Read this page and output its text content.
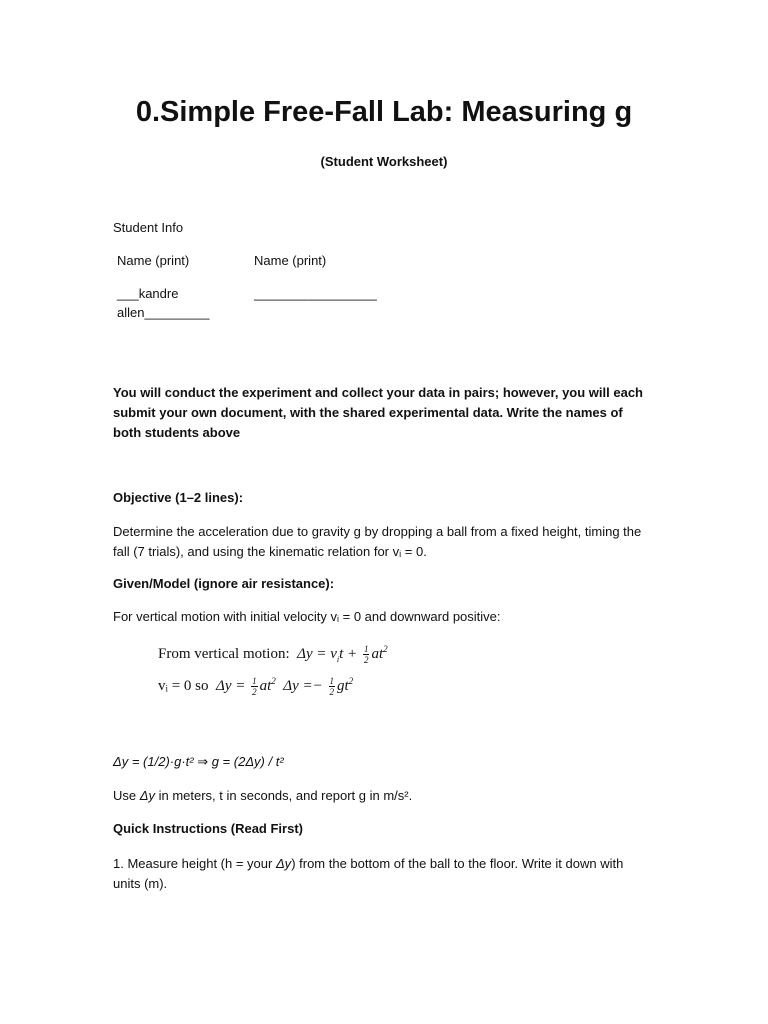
0.Simple Free-Fall Lab: Measuring g
(Student Worksheet)
Student Info
Name (print)	Name (print)
___kandre
allen_________
_________________
You will conduct the experiment and collect your data in pairs; however, you will each submit your own document, with the shared experimental data. Write the names of both students above
Objective (1–2 lines):
Determine the acceleration due to gravity g by dropping a ball from a fixed height, timing the fall (7 trials), and using the kinematic relation for vᵢ = 0.
Given/Model (ignore air resistance):
For vertical motion with initial velocity vᵢ = 0 and downward positive:
From vertical motion:  $\Delta y = v_it + \frac{1}{2} at^2$
vᵢ = 0 so  $\Delta y = \frac{1}{2} at^2$  $\Delta y =- \frac{1}{2} gt^2$
Δy = (1/2)·g·t² ⇒ g = (2Δy) / t²
Use Δy in meters, t in seconds, and report g in m/s².
Quick Instructions (Read First)
1. Measure height (h = your Δy) from the bottom of the ball to the floor. Write it down with units (m).
